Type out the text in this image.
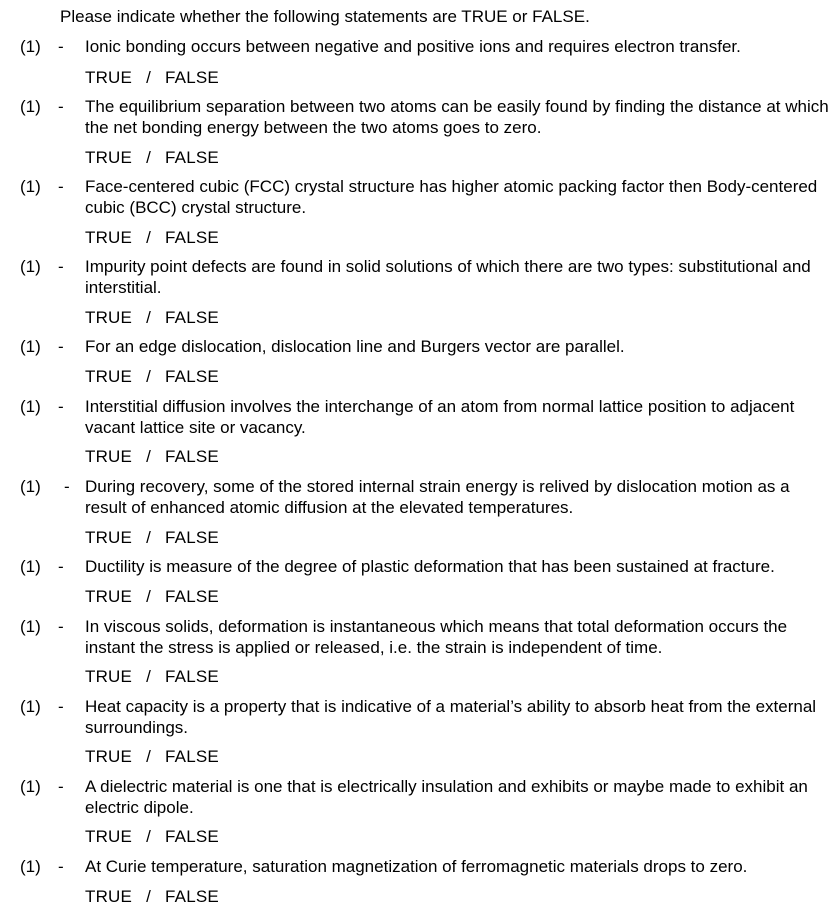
Please indicate whether the following statements are TRUE or FALSE.
(1) - Ionic bonding occurs between negative and positive ions and requires electron transfer.
TRUE / FALSE
(1) - The equilibrium separation between two atoms can be easily found by finding the distance at which the net bonding energy between the two atoms goes to zero.
TRUE / FALSE
(1) - Face-centered cubic (FCC) crystal structure has higher atomic packing factor then Body-centered cubic (BCC) crystal structure.
TRUE / FALSE
(1) - Impurity point defects are found in solid solutions of which there are two types: substitutional and interstitial.
TRUE / FALSE
(1) - For an edge dislocation, dislocation line and Burgers vector are parallel.
TRUE / FALSE
(1) - Interstitial diffusion involves the interchange of an atom from normal lattice position to adjacent vacant lattice site or vacancy.
TRUE / FALSE
(1) - During recovery, some of the stored internal strain energy is relived by dislocation motion as a result of enhanced atomic diffusion at the elevated temperatures.
TRUE / FALSE
(1) - Ductility is measure of the degree of plastic deformation that has been sustained at fracture.
TRUE / FALSE
(1) - In viscous solids, deformation is instantaneous which means that total deformation occurs the instant the stress is applied or released, i.e. the strain is independent of time.
TRUE / FALSE
(1) - Heat capacity is a property that is indicative of a material’s ability to absorb heat from the external surroundings.
TRUE / FALSE
(1) - A dielectric material is one that is electrically insulation and exhibits or maybe made to exhibit an electric dipole.
TRUE / FALSE
(1) - At Curie temperature, saturation magnetization of ferromagnetic materials drops to zero.
TRUE / FALSE
